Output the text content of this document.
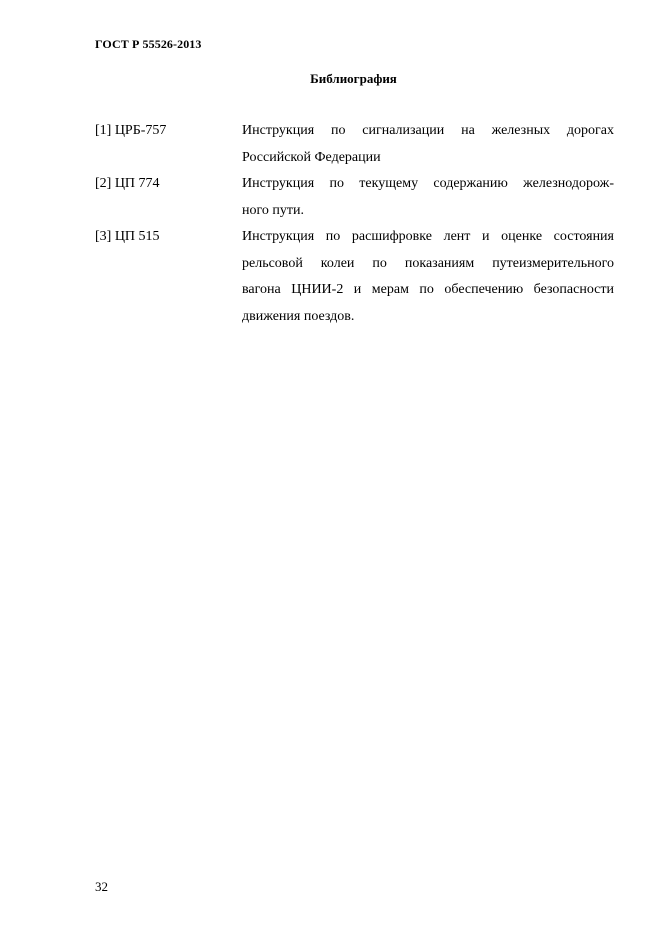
ГОСТ Р 55526-2013
Библиография
[1] ЦРБ-757	Инструкция по сигнализации на железных дорогах
Российской Федерации
[2] ЦП 774	Инструкция по текущему содержанию железнодорож-
ного пути.
[3] ЦП 515	Инструкция по расшифровке лент и оценке состояния
рельсовой колеи по показаниям путеизмерительного
вагона ЦНИИ-2 и мерам по обеспечению безопасности
движения поездов.
32
